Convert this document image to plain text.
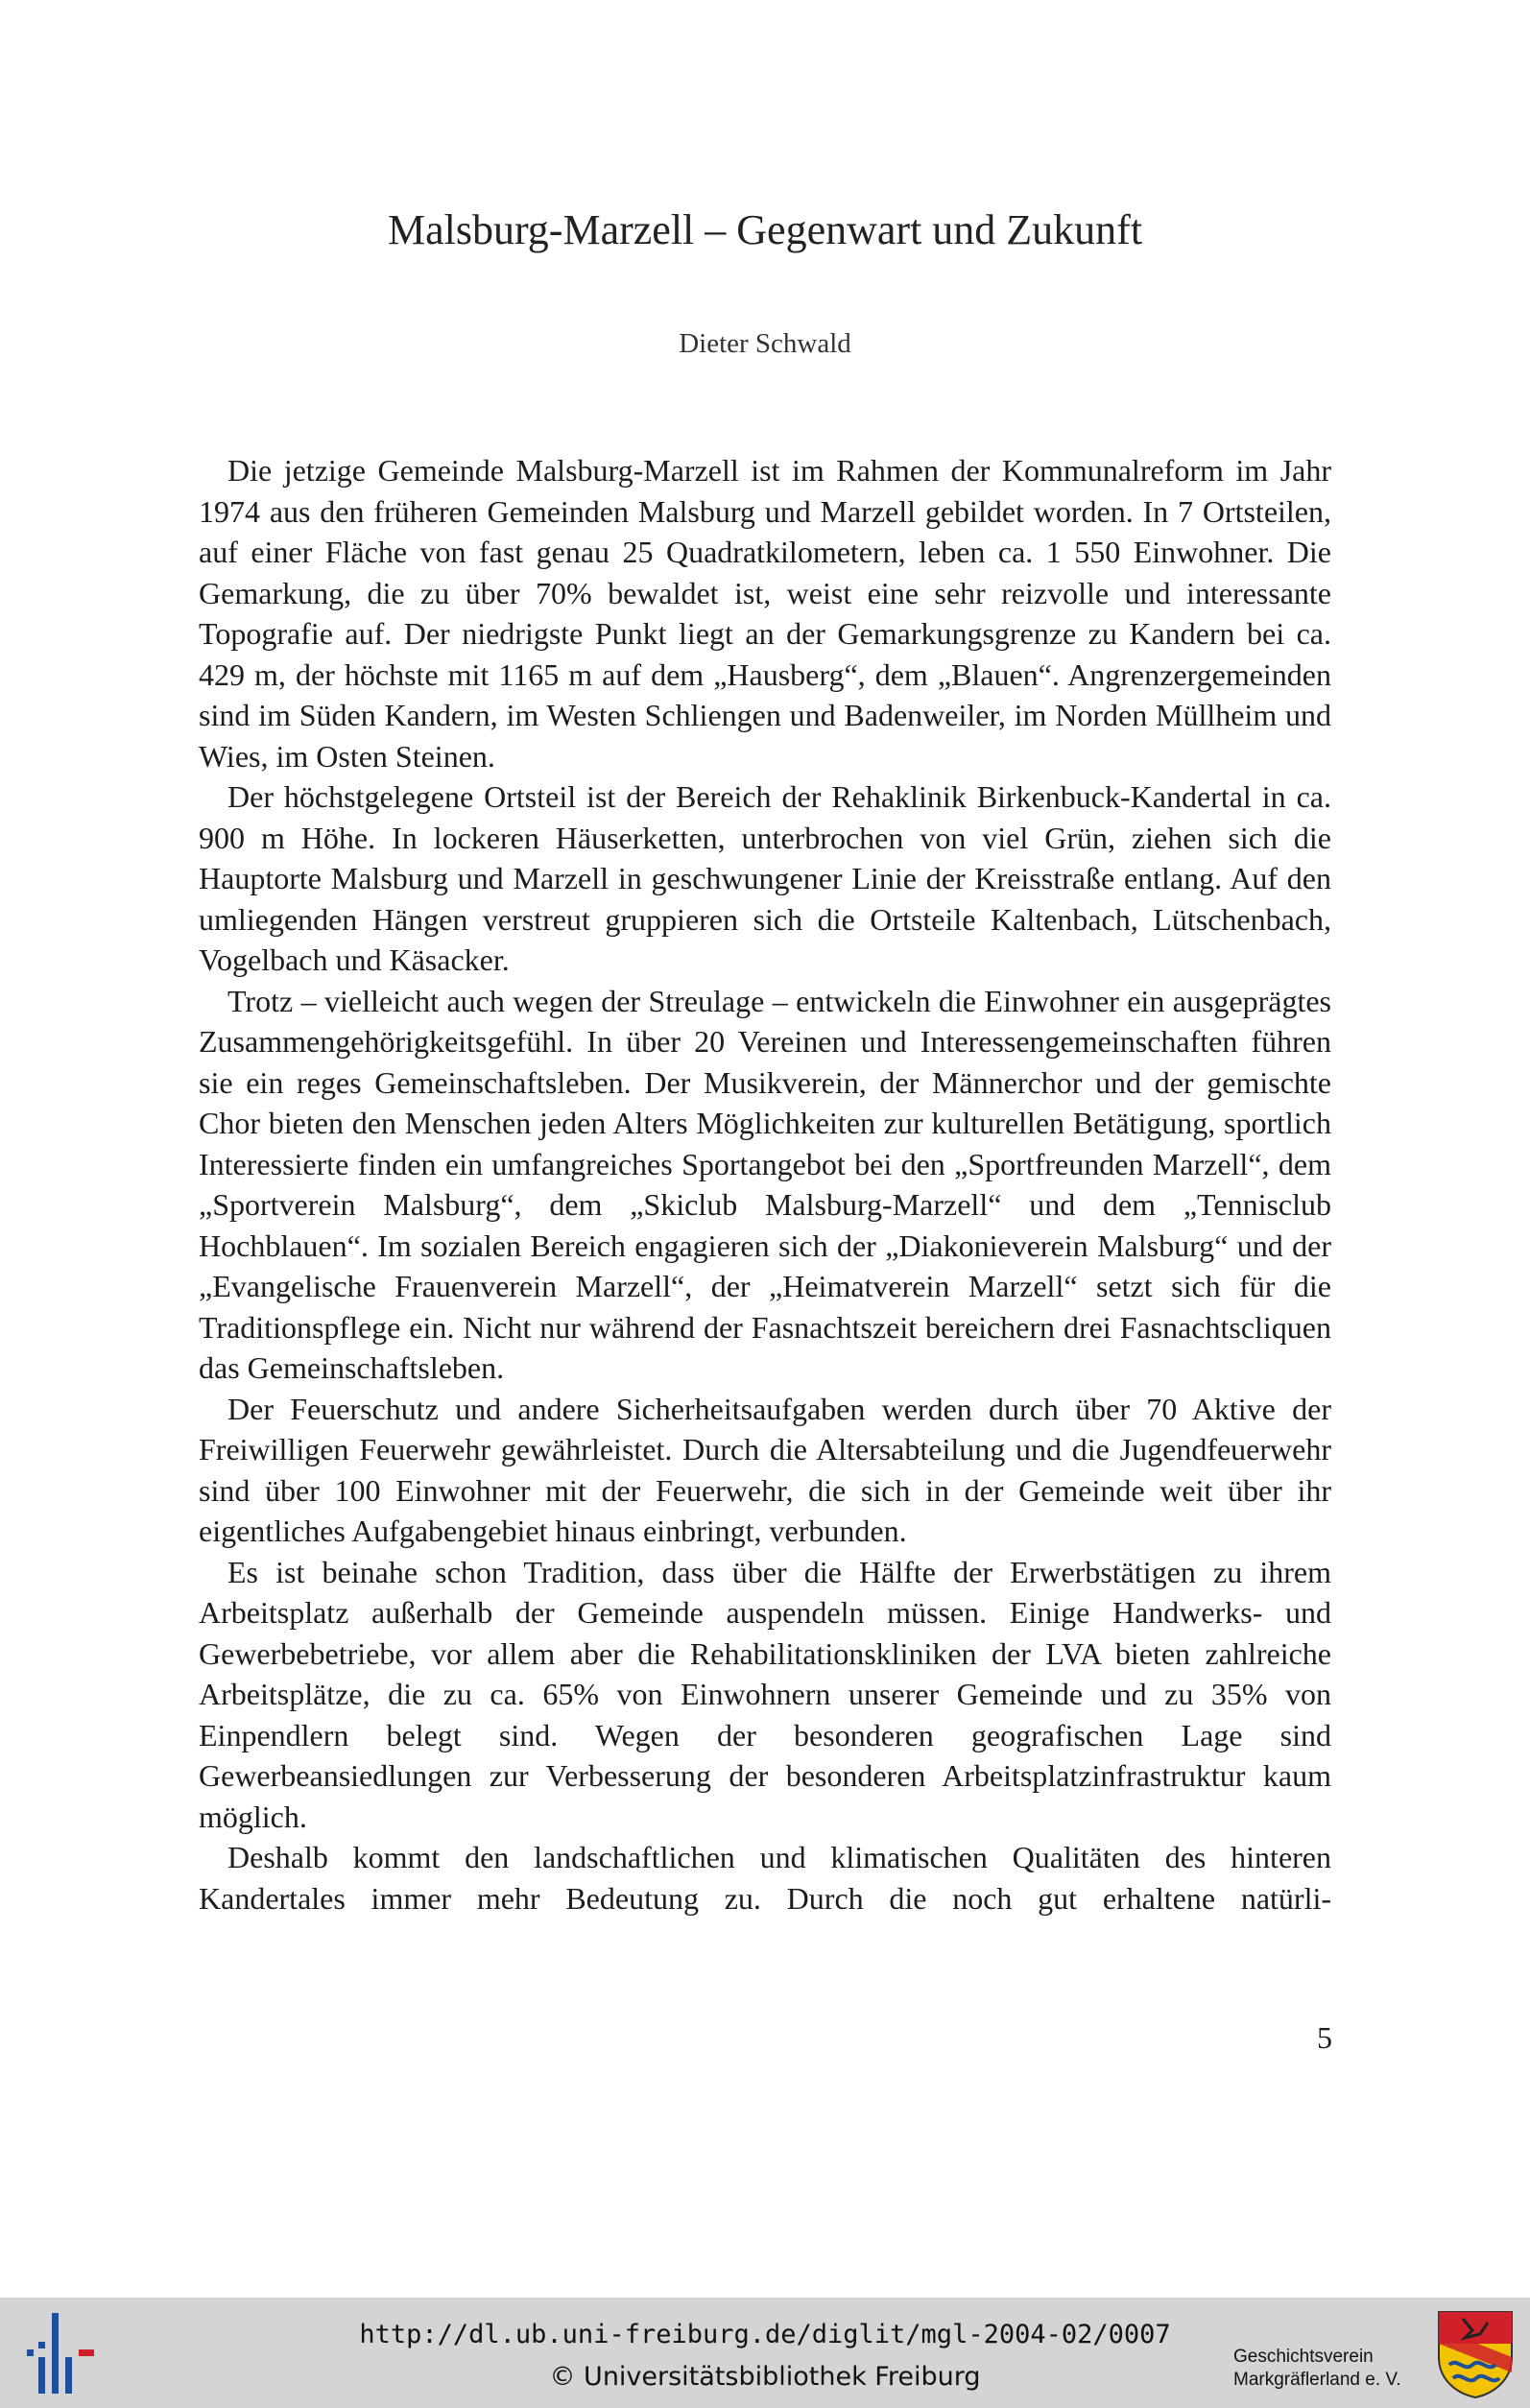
Malsburg-Marzell – Gegenwart und Zukunft
Dieter Schwald

Die jetzige Gemeinde Malsburg-Marzell ist im Rahmen der Kommunalreform im Jahr 1974 aus den früheren Gemeinden Malsburg und Marzell gebildet worden. In 7 Ortsteilen, auf einer Fläche von fast genau 25 Quadratkilometern, leben ca. 1 550 Einwohner. Die Gemarkung, die zu über 70% bewaldet ist, weist eine sehr reizvolle und interessante Topografie auf. Der niedrigste Punkt liegt an der Gemarkungsgrenze zu Kandern bei ca. 429 m, der höchste mit 1165 m auf dem „Hausberg“, dem „Blauen“. Angrenzergemeinden sind im Süden Kandern, im Westen Schliengen und Badenweiler, im Norden Müllheim und Wies, im Osten Steinen.

Der höchstgelegene Ortsteil ist der Bereich der Rehaklinik Birkenbuck-Kandertal in ca. 900 m Höhe. In lockeren Häuserketten, unterbrochen von viel Grün, ziehen sich die Hauptorte Malsburg und Marzell in geschwungener Linie der Kreisstraße entlang. Auf den umliegenden Hängen verstreut gruppieren sich die Ortsteile Kaltenbach, Lütschenbach, Vogelbach und Käsacker.

Trotz – vielleicht auch wegen der Streulage – entwickeln die Einwohner ein ausgeprägtes Zusammengehörigkeitsgefühl. In über 20 Vereinen und Interessengemeinschaften führen sie ein reges Gemeinschaftsleben. Der Musikverein, der Männerchor und der gemischte Chor bieten den Menschen jeden Alters Möglichkeiten zur kulturellen Betätigung, sportlich Interessierte finden ein umfangreiches Sportangebot bei den „Sportfreunden Marzell“, dem „Sportverein Malsburg“, dem „Skiclub Malsburg-Marzell“ und dem „Tennisclub Hochblauen“. Im sozialen Bereich engagieren sich der „Diakonieverein Malsburg“ und der „Evangelische Frauenverein Marzell“, der „Heimatverein Marzell“ setzt sich für die Traditionspflege ein. Nicht nur während der Fasnachtszeit bereichern drei Fasnachtscliquen das Gemeinschaftsleben.

Der Feuerschutz und andere Sicherheitsaufgaben werden durch über 70 Aktive der Freiwilligen Feuerwehr gewährleistet. Durch die Altersabteilung und die Jugendfeuerwehr sind über 100 Einwohner mit der Feuerwehr, die sich in der Gemeinde weit über ihr eigentliches Aufgabengebiet hinaus einbringt, verbunden.

Es ist beinahe schon Tradition, dass über die Hälfte der Erwerbstätigen zu ihrem Arbeitsplatz außerhalb der Gemeinde auspendeln müssen. Einige Handwerks- und Gewerbebetriebe, vor allem aber die Rehabilitationskliniken der LVA bieten zahlreiche Arbeitsplätze, die zu ca. 65% von Einwohnern unserer Gemeinde und zu 35% von Einpendlern belegt sind. Wegen der besonderen geografischen Lage sind Gewerbeansiedlungen zur Verbesserung der besonderen Arbeitsplatzinfrastruktur kaum möglich.

Deshalb kommt den landschaftlichen und klimatischen Qualitäten des hinteren Kandertales immer mehr Bedeutung zu. Durch die noch gut erhaltene natürli-

5
http://dl.ub.uni-freiburg.de/diglit/mgl-2004-02/0007
© Universitätsbibliothek Freiburg
Geschichtsverein
Markgräflerland e. V.
